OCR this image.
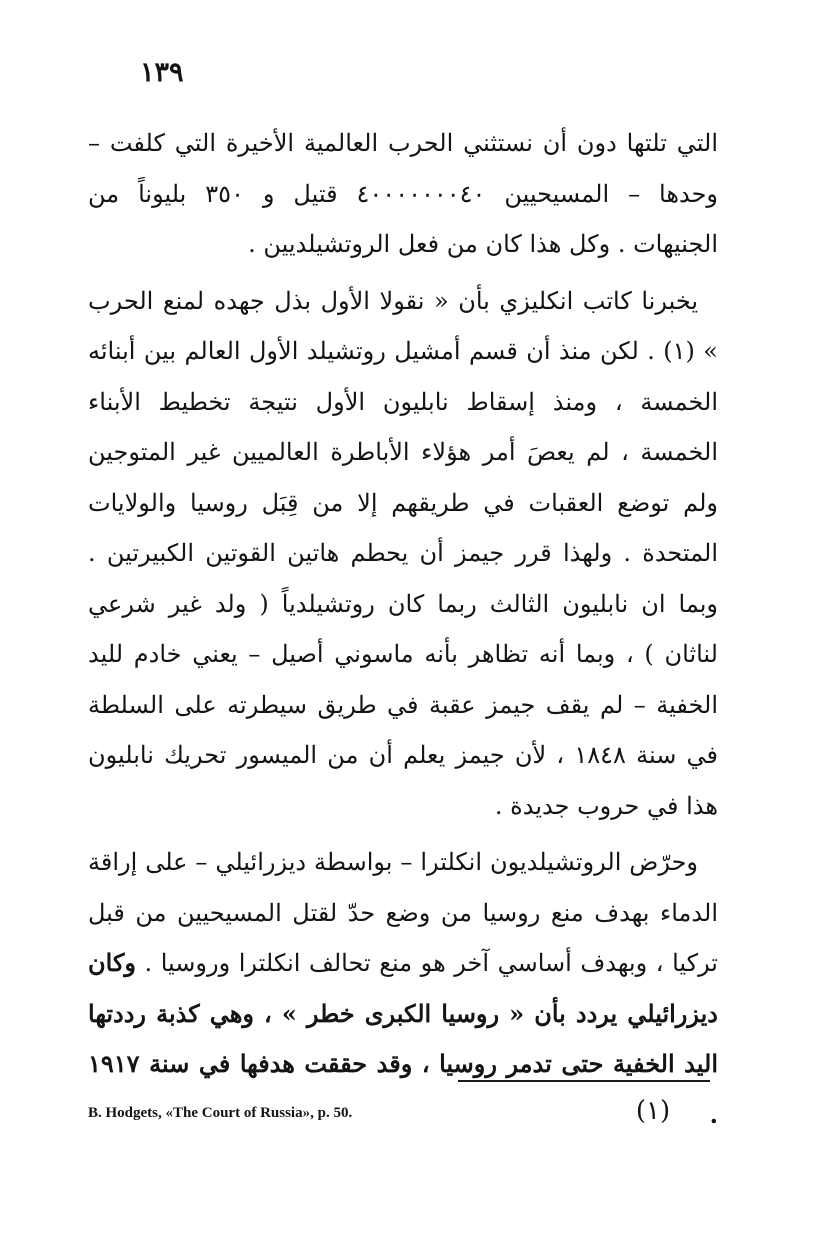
١٣٩

التي تلتها دون أن نستثني الحرب العالمية الأخيرة التي كلفت – وحدها – المسيحيين ٤٠٠٠٠٠٠٠٤٠ قتيل و ٣٥٠ بليوناً من الجنيهات . وكل هذا كان من فعل الروتشيلديين .

يخبرنا كاتب انكليزي بأن « نقولا الأول بذل جهده لمنع الحرب » (١) . لكن منذ أن قسم أمشيل روتشيلد الأول العالم بين أبنائه الخمسة ، ومنذ إسقاط نابليون الأول نتيجة تخطيط الأبناء الخمسة ، لم يعصَ أمر هؤلاء الأباطرة العالميين غير المتوجين ولم توضع العقبات في طريقهم إلا من قِبَل روسيا والولايات المتحدة . ولهذا قرر جيمز أن يحطم هاتين القوتين الكبيرتين . وبما ان نابليون الثالث ربما كان روتشيلدياً ( ولد غير شرعي لناثان ) ، وبما أنه تظاهر بأنه ماسوني أصيل – يعني خادم لليد الخفية – لم يقف جيمز عقبة في طريق سيطرته على السلطة في سنة ١٨٤٨ ، لأن جيمز يعلم أن من الميسور تحريك نابليون هذا في حروب جديدة .

وحرّض الروتشيلديون انكلترا – بواسطة ديزرائيلي – على إراقة الدماء بهدف منع روسيا من وضع حدّ لقتل المسيحيين من قبل تركيا ، وبهدف أساسي آخر هو منع تحالف انكلترا وروسيا . وكان ديزرائيلي يردد بأن « روسيا الكبرى خطر » ، وهي كذبة رددتها اليد الخفية حتى تدمر روسيا ، وقد حققت هدفها في سنة ١٩١٧ .

(١)
B. Hodgets, «The Court of Russia», p. 50.
